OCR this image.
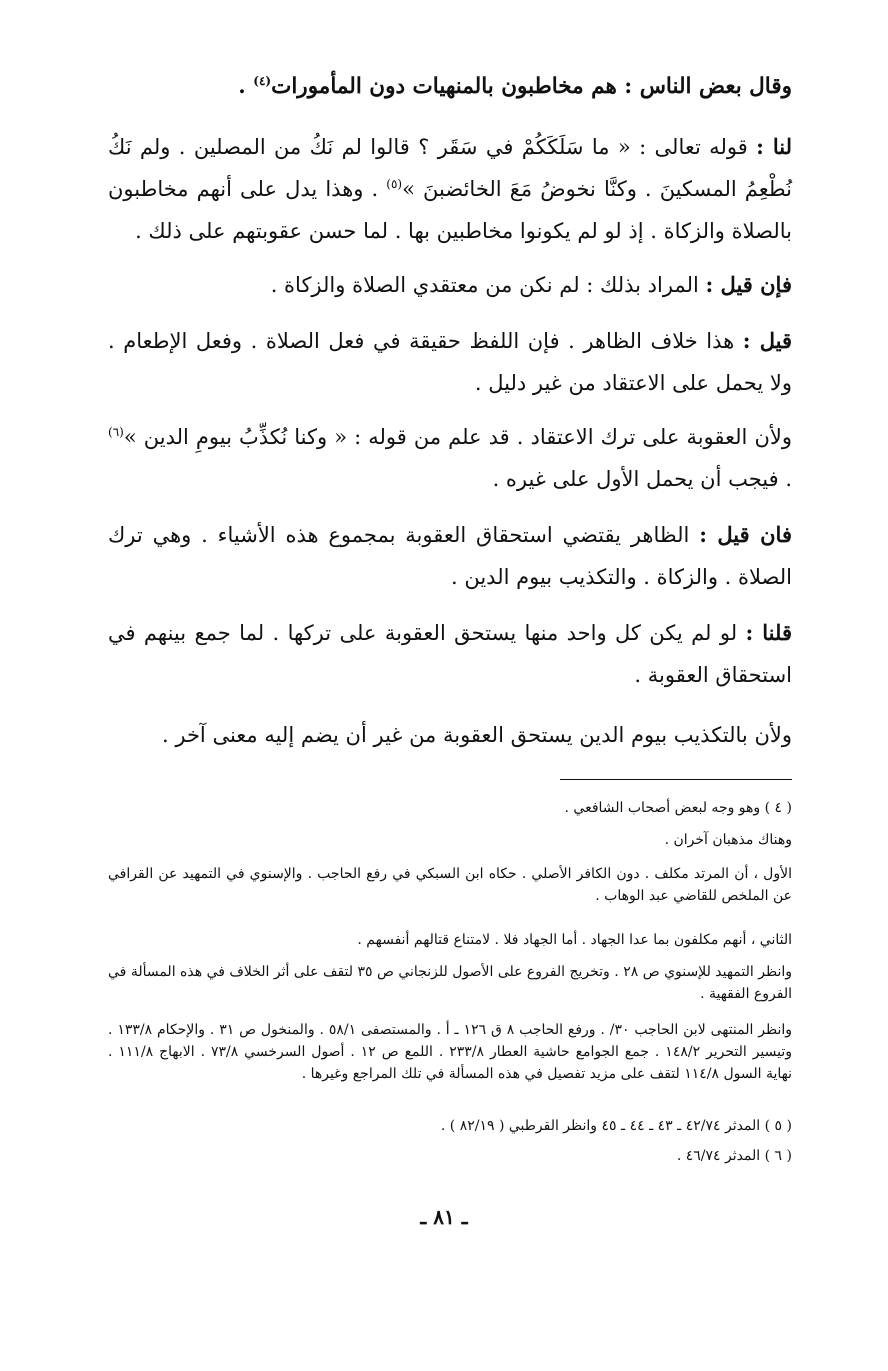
وقال بعض الناس : هم مخاطبون بالمنهيات دون المأمورات$^{(٤)}$ .
لنا : قوله تعالى : « ما سَلَكَكُمْ في سَقَر ؟ قالوا لم نَكُ من المصلين . ولم نَكُ نُطْعِمُ المسكينَ . وكنَّا نخوضُ مَعَ الخائضبنَ »$^{(٥)}$ . وهذا يدل على أنهم مخاطبون بالصلاة والزكاة . إذ لو لم يكونوا مخاطبين بها . لما حسن عقوبتهم على ذلك .
فإن قيل : المراد بذلك : لم نكن من معتقدي الصلاة والزكاة .
قيل : هذا خلاف الظاهر . فإن اللفظ حقيقة في فعل الصلاة . وفعل الإطعام . ولا يحمل على الاعتقاد من غير دليل .
ولأن العقوبة على ترك الاعتقاد . قد علم من قوله : « وكنا نُكذِّبُ بيومِ الدين »$^{(٦)}$ . فيجب أن يحمل الأول على غيره .
فان قيل : الظاهر يقتضي استحقاق العقوبة بمجموع هذه الأشياء . وهي ترك الصلاة . والزكاة . والتكذيب بيوم الدين .
قلنا : لو لم يكن كل واحد منها يستحق العقوبة على تركها . لما جمع بينهم في استحقاق العقوبة .
ولأن بالتكذيب بيوم الدين يستحق العقوبة من غير أن يضم إليه معنى آخر .
( ٤ ) وهو وجه لبعض أصحاب الشافعي .
وهناك مذهبان آخران .
الأول ، أن المرتد مكلف . دون الكافر الأصلي . حكاه ابن السبكي في رفع الحاجب . والإسنوي في التمهيد عن القرافي عن الملخص للقاضي عبد الوهاب .
الثاني ، أنهم مكلفون بما عدا الجهاد . أما الجهاد فلا . لامتناع قتالهم أنفسهم .
وانظر التمهيد للإسنوي ص ٢٨ . وتخريج الفروع على الأصول للزنجاني ص ٣٥ لتقف على أثر الخلاف في هذه المسألة في الفروع الفقهية .
وانظر المنتهى لابن الحاجب ٣٠/ . ورفع الحاجب ٨ ق ١٢٦ ـ أ . والمستصفى ٥٨/١ . والمنخول ص ٣١ . والإحكام ١٣٣/٨ . وتيسير التحرير ١٤٨/٢ . جمع الجوامع حاشية العطار ٢٣٣/٨ . اللمع ص ١٢ . أصول السرخسي ٧٣/٨ . الابهاج ١١١/٨ . نهاية السول ١١٤/٨ لتقف على مزيد تفصيل في هذه المسألة في تلك المراجع وغيرها .
( ٥ ) المدثر ٤٢/٧٤ ـ ٤٣ ـ ٤٤ ـ ٤٥ وانظر القرطبي ( ٨٢/١٩ ) .
( ٦ ) المدثر ٤٦/٧٤ .
ـ ٨١ ـ
